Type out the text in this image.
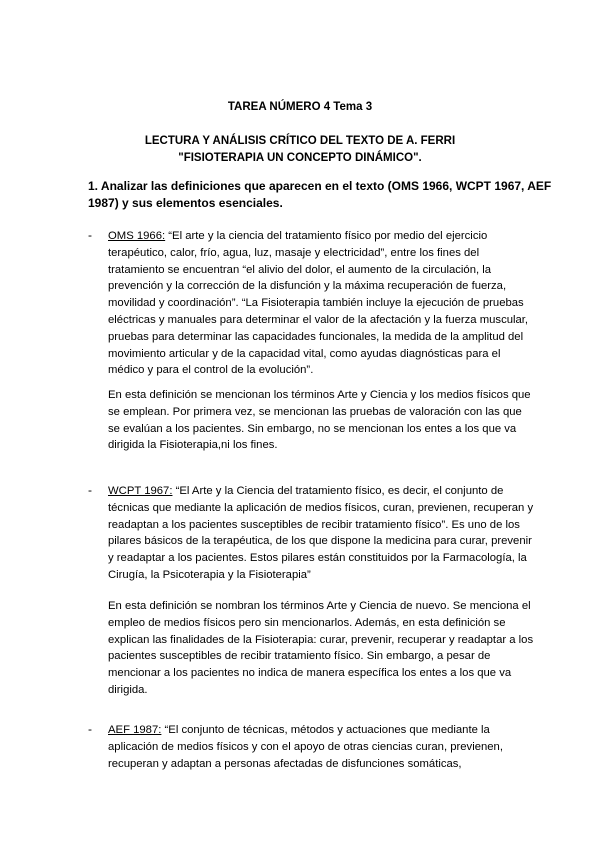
TAREA NÚMERO 4 Tema 3
LECTURA Y ANÁLISIS CRÍTICO DEL TEXTO DE A. FERRI
"FISIOTERAPIA UN CONCEPTO DINÁMICO".
1. Analizar las definiciones que aparecen en el texto (OMS 1966, WCPT 1967, AEF
1987) y sus elementos esenciales.
- OMS 1966: “El arte y la ciencia del tratamiento físico por medio del ejercicio
terapéutico, calor, frío, agua, luz, masaje y electricidad”, entre los fines del
tratamiento se encuentran “el alivio del dolor, el aumento de la circulación, la
prevención y la corrección de la disfunción y la máxima recuperación de fuerza,
movilidad y coordinación”. “La Fisioterapia también incluye la ejecución de pruebas
eléctricas y manuales para determinar el valor de la afectación y la fuerza muscular,
pruebas para determinar las capacidades funcionales, la medida de la amplitud del
movimiento articular y de la capacidad vital, como ayudas diagnósticas para el
médico y para el control de la evolución”.
En esta definición se mencionan los términos Arte y Ciencia y los medios físicos que
se emplean. Por primera vez, se mencionan las pruebas de valoración con las que
se evalúan a los pacientes. Sin embargo, no se mencionan los entes a los que va
dirigida la Fisioterapia,ni los fines.
- WCPT 1967: “El Arte y la Ciencia del tratamiento físico, es decir, el conjunto de
técnicas que mediante la aplicación de medios físicos, curan, previenen, recuperan y
readaptan a los pacientes susceptibles de recibir tratamiento físico”. Es uno de los
pilares básicos de la terapéutica, de los que dispone la medicina para curar, prevenir
y readaptar a los pacientes. Estos pilares están constituidos por la Farmacología, la
Cirugía, la Psicoterapia y la Fisioterapia”
En esta definición se nombran los términos Arte y Ciencia de nuevo. Se menciona el
empleo de medios físicos pero sin mencionarlos. Además, en esta definición se
explican las finalidades de la Fisioterapia: curar, prevenir, recuperar y readaptar a los
pacientes susceptibles de recibir tratamiento físico. Sin embargo, a pesar de
mencionar a los pacientes no indica de manera específica los entes a los que va
dirigida.
- AEF 1987: “El conjunto de técnicas, métodos y actuaciones que mediante la
aplicación de medios físicos y con el apoyo de otras ciencias curan, previenen,
recuperan y adaptan a personas afectadas de disfunciones somáticas,
